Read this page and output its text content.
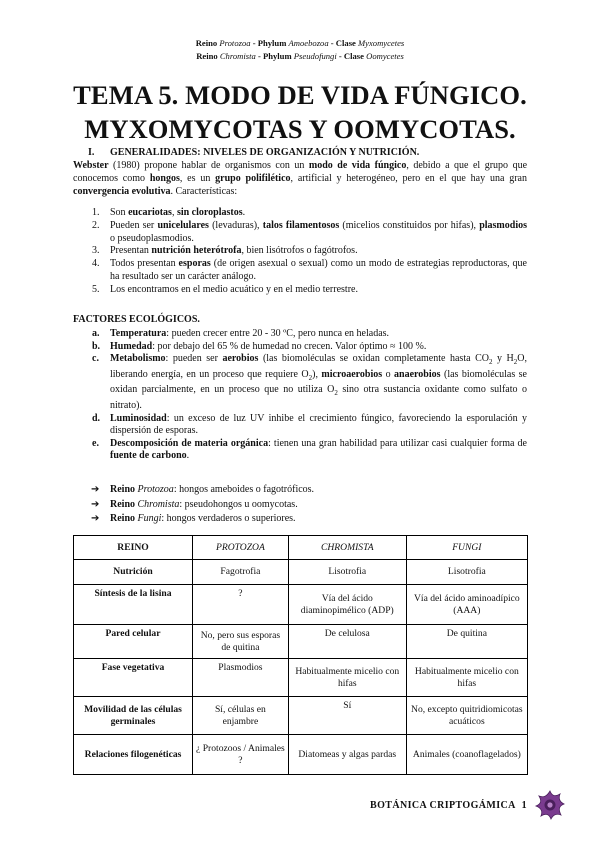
Reino Protozoa - Phylum Amoebozoa - Clase Myxomycetes
Reino Chromista - Phylum Pseudofungi - Clase Oomycetes
TEMA 5. MODO DE VIDA FÚNGICO.
MYXOMYCOTAS Y OOMYCOTAS.
I. GENERALIDADES: NIVELES DE ORGANIZACIÓN Y NUTRICIÓN.
Webster (1980) propone hablar de organismos con un modo de vida fúngico, debido a que el grupo que conocemos como hongos, es un grupo polifilético, artificial y heterogéneo, pero en el que hay una gran convergencia evolutiva. Características:
1. Son eucariotas, sin cloroplastos.
2. Pueden ser unicelulares (levaduras), talos filamentosos (micelios constituidos por hifas), plasmodios o pseudoplasmodios.
3. Presentan nutrición heterótrofa, bien lisótrofos o fagótrofos.
4. Todos presentan esporas (de origen asexual o sexual) como un modo de estrategias reproductoras, que ha resultado ser un carácter análogo.
5. Los encontramos en el medio acuático y en el medio terrestre.
FACTORES ECOLÓGICOS.
a. Temperatura: pueden crecer entre 20 - 30 ºC, pero nunca en heladas.
b. Humedad: por debajo del 65 % de humedad no crecen. Valor óptimo ≈ 100 %.
c. Metabolismo: pueden ser aerobios (las biomoléculas se oxidan completamente hasta $CO_2$ y $H_2O$, liberando energía, en un proceso que requiere $O_2$), microaerobios o anaerobios (las biomoléculas se oxidan parcialmente, en un proceso que no utiliza $O_2$ sino otra sustancia oxidante como sulfato o nitrato).
d. Luminosidad: un exceso de luz UV inhibe el crecimiento fúngico, favoreciendo la esporulación y dispersión de esporas.
e. Descomposición de materia orgánica: tienen una gran habilidad para utilizar casi cualquier forma de fuente de carbono.
➔ Reino Protozoa: hongos ameboides o fagotróficos.
➔ Reino Chromista: pseudohongos u oomycotas.
➔ Reino Fungi: hongos verdaderos o superiores.
REINO	PROTOZOA	CHROMISTA	FUNGI
Nutrición	Fagotrofia	Lisotrofia	Lisotrofia
Síntesis de la lisina	?	Vía del ácido diaminopimélico (ADP)	Vía del ácido aminoadípico (AAA)
Pared celular	No, pero sus esporas de quitina	De celulosa	De quitina
Fase vegetativa	Plasmodios	Habitualmente micelio con hifas	Habitualmente micelio con hifas
Movilidad de las células germinales	Sí, células en enjambre	Sí	No, excepto quitridiomicotas acuáticos
Relaciones filogenéticas	¿ Protozoos / Animales ?	Diatomeas y algas pardas	Animales (coanoflagelados)
BOTÁNICA CRIPTOGÁMICA 1
